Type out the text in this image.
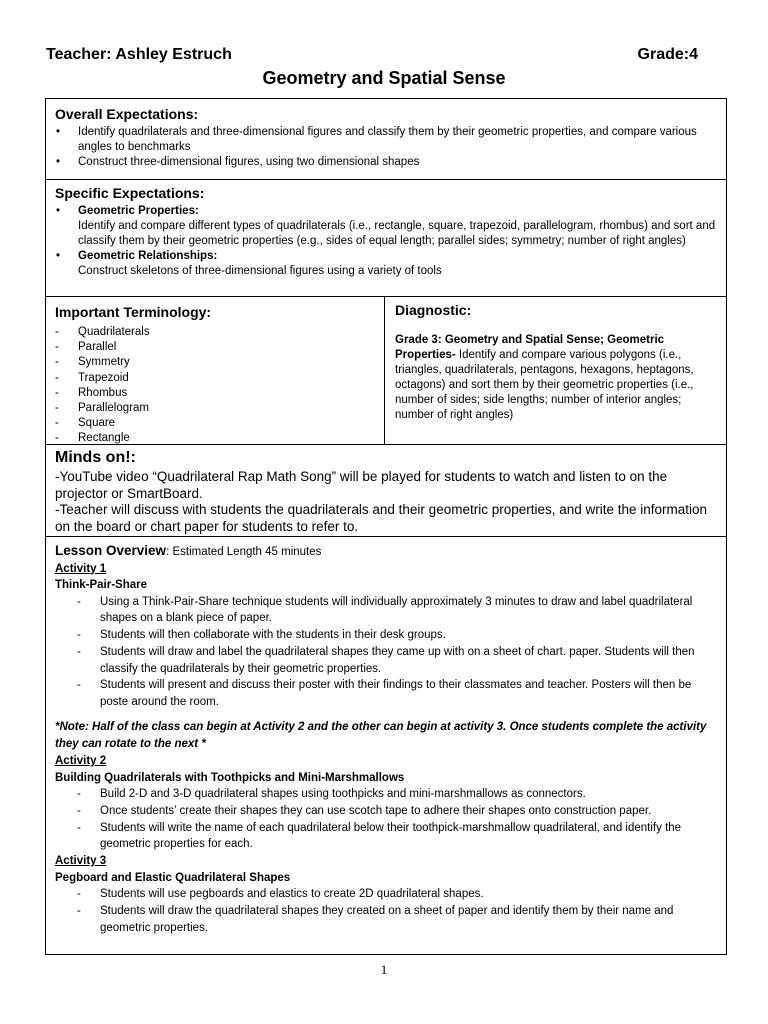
Teacher: Ashley Estruch	Grade:4
Geometry and Spatial Sense
Overall Expectations:
• Identify quadrilaterals and three-dimensional figures and classify them by their geometric properties, and compare various angles to benchmarks
• Construct three-dimensional figures, using two dimensional shapes
Specific Expectations:
• Geometric Properties:
Identify and compare different types of quadrilaterals (i.e., rectangle, square, trapezoid, parallelogram, rhombus) and sort and classify them by their geometric properties (e.g., sides of equal length; parallel sides; symmetry; number of right angles)
• Geometric Relationships:
Construct skeletons of three-dimensional figures using a variety of tools
Important Terminology:
- Quadrilaterals
- Parallel
- Symmetry
- Trapezoid
- Rhombus
- Parallelogram
- Square
- Rectangle
Diagnostic:
Grade 3: Geometry and Spatial Sense; Geometric Properties- Identify and compare various polygons (i.e., triangles, quadrilaterals, pentagons, hexagons, heptagons, octagons) and sort them by their geometric properties (i.e., number of sides; side lengths; number of interior angles; number of right angles)
Minds on!:
-YouTube video “Quadrilateral Rap Math Song” will be played for students to watch and listen to on the projector or SmartBoard.
-Teacher will discuss with students the quadrilaterals and their geometric properties, and write the information on the board or chart paper for students to refer to.
Lesson Overview: Estimated Length 45 minutes
Activity 1
Think-Pair-Share
- Using a Think-Pair-Share technique students will individually approximately 3 minutes to draw and label quadrilateral shapes on a blank piece of paper.
- Students will then collaborate with the students in their desk groups.
- Students will draw and label the quadrilateral shapes they came up with on a sheet of chart. paper. Students will then classify the quadrilaterals by their geometric properties.
- Students will present and discuss their poster with their findings to their classmates and teacher. Posters will then be poste around the room.
*Note: Half of the class can begin at Activity 2 and the other can begin at activity 3. Once students complete the activity they can rotate to the next *
Activity 2
Building Quadrilaterals with Toothpicks and Mini-Marshmallows
- Build 2-D and 3-D quadrilateral shapes using toothpicks and mini-marshmallows as connectors.
- Once students’ create their shapes they can use scotch tape to adhere their shapes onto construction paper.
- Students will write the name of each quadrilateral below their toothpick-marshmallow quadrilateral, and identify the geometric properties for each.
Activity 3
Pegboard and Elastic Quadrilateral Shapes
- Students will use pegboards and elastics to create 2D quadrilateral shapes.
- Students will draw the quadrilateral shapes they created on a sheet of paper and identify them by their name and geometric properties.
1
